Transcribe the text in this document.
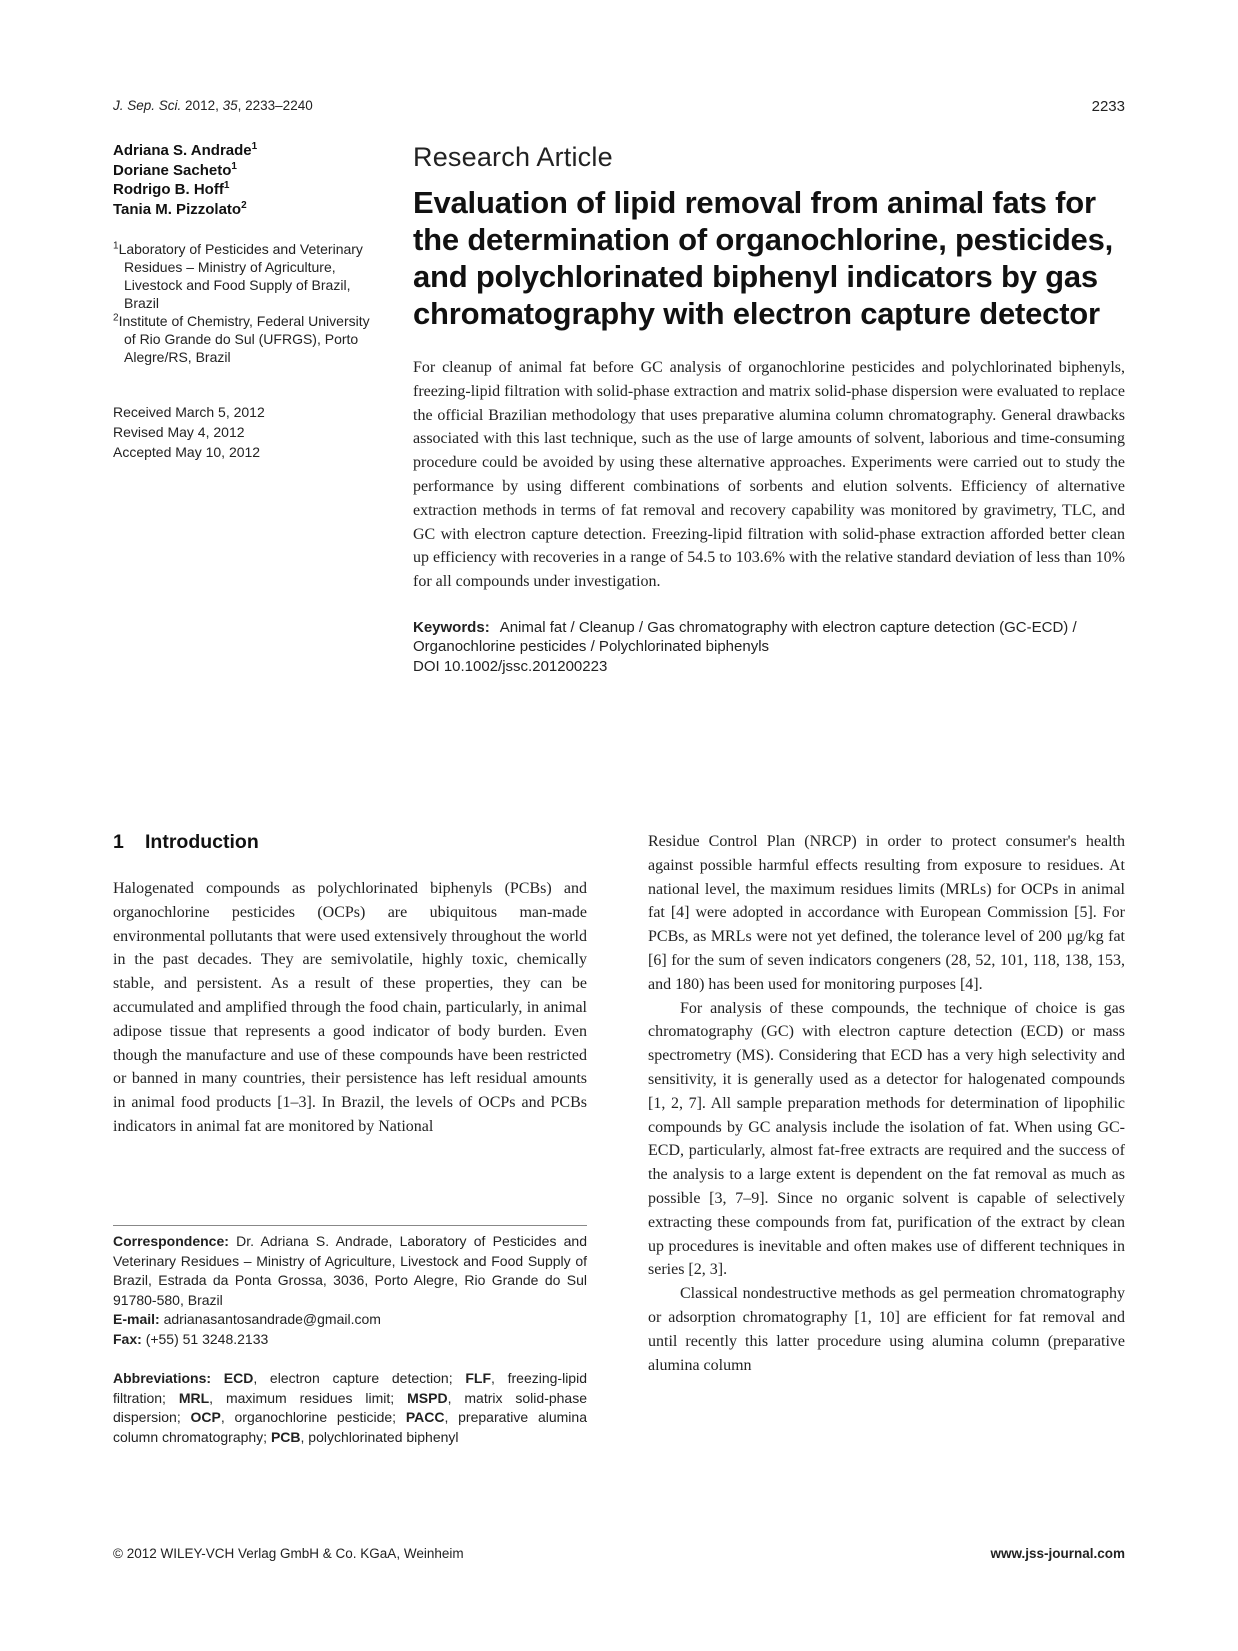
J. Sep. Sci. 2012, 35, 2233–2240	2233
Adriana S. Andrade$^1$
Doriane Sacheto$^1$
Rodrigo B. Hoff$^1$
Tania M. Pizzolato$^2$
$^1$Laboratory of Pesticides and Veterinary Residues – Ministry of Agriculture, Livestock and Food Supply of Brazil, Brazil
$^2$Institute of Chemistry, Federal University of Rio Grande do Sul (UFRGS), Porto Alegre/RS, Brazil
Received March 5, 2012
Revised May 4, 2012
Accepted May 10, 2012
Research Article
Evaluation of lipid removal from animal fats for the determination of organochlorine, pesticides, and polychlorinated biphenyl indicators by gas chromatography with electron capture detector

For cleanup of animal fat before GC analysis of organochlorine pesticides and polychlorinated biphenyls, freezing-lipid filtration with solid-phase extraction and matrix solid-phase dispersion were evaluated to replace the official Brazilian methodology that uses preparative alumina column chromatography. General drawbacks associated with this last technique, such as the use of large amounts of solvent, laborious and time-consuming procedure could be avoided by using these alternative approaches. Experiments were carried out to study the performance by using different combinations of sorbents and elution solvents. Efficiency of alternative extraction methods in terms of fat removal and recovery capability was monitored by gravimetry, TLC, and GC with electron capture detection. Freezing-lipid filtration with solid-phase extraction afforded better clean up efficiency with recoveries in a range of 54.5 to 103.6% with the relative standard deviation of less than 10% for all compounds under investigation.

Keywords: Animal fat / Cleanup / Gas chromatography with electron capture detection (GC-ECD) / Organochlorine pesticides / Polychlorinated biphenyls
DOI 10.1002/jssc.201200223
1 Introduction

Halogenated compounds as polychlorinated biphenyls (PCBs) and organochlorine pesticides (OCPs) are ubiquitous man-made environmental pollutants that were used extensively throughout the world in the past decades. They are semivolatile, highly toxic, chemically stable, and persistent. As a result of these properties, they can be accumulated and amplified through the food chain, particularly, in animal adipose tissue that represents a good indicator of body burden. Even though the manufacture and use of these compounds have been restricted or banned in many countries, their persistence has left residual amounts in animal food products [1–3]. In Brazil, the levels of OCPs and PCBs indicators in animal fat are monitored by National

Residue Control Plan (NRCP) in order to protect consumer's health against possible harmful effects resulting from exposure to residues. At national level, the maximum residues limits (MRLs) for OCPs in animal fat [4] were adopted in accordance with European Commission [5]. For PCBs, as MRLs were not yet defined, the tolerance level of 200 μg/kg fat [6] for the sum of seven indicators congeners (28, 52, 101, 118, 138, 153, and 180) has been used for monitoring purposes [4].

For analysis of these compounds, the technique of choice is gas chromatography (GC) with electron capture detection (ECD) or mass spectrometry (MS). Considering that ECD has a very high selectivity and sensitivity, it is generally used as a detector for halogenated compounds [1, 2, 7]. All sample preparation methods for determination of lipophilic compounds by GC analysis include the isolation of fat. When using GC-ECD, particularly, almost fat-free extracts are required and the success of the analysis to a large extent is dependent on the fat removal as much as possible [3, 7–9]. Since no organic solvent is capable of selectively extracting these compounds from fat, purification of the extract by clean up procedures is inevitable and often makes use of different techniques in series [2, 3].

Classical nondestructive methods as gel permeation chromatography or adsorption chromatography [1, 10] are efficient for fat removal and until recently this latter procedure using alumina column (preparative alumina column

Correspondence: Dr. Adriana S. Andrade, Laboratory of Pesticides and Veterinary Residues – Ministry of Agriculture, Livestock and Food Supply of Brazil, Estrada da Ponta Grossa, 3036, Porto Alegre, Rio Grande do Sul 91780-580, Brazil
E-mail: adrianasantosandrade@gmail.com
Fax: (+55) 51 3248.2133
Abbreviations: ECD, electron capture detection; FLF, freezing-lipid filtration; MRL, maximum residues limit; MSPD, matrix solid-phase dispersion; OCP, organochlorine pesticide; PACC, preparative alumina column chromatography; PCB, polychlorinated biphenyl
© 2012 WILEY-VCH Verlag GmbH & Co. KGaA, Weinheim	www.jss-journal.com
